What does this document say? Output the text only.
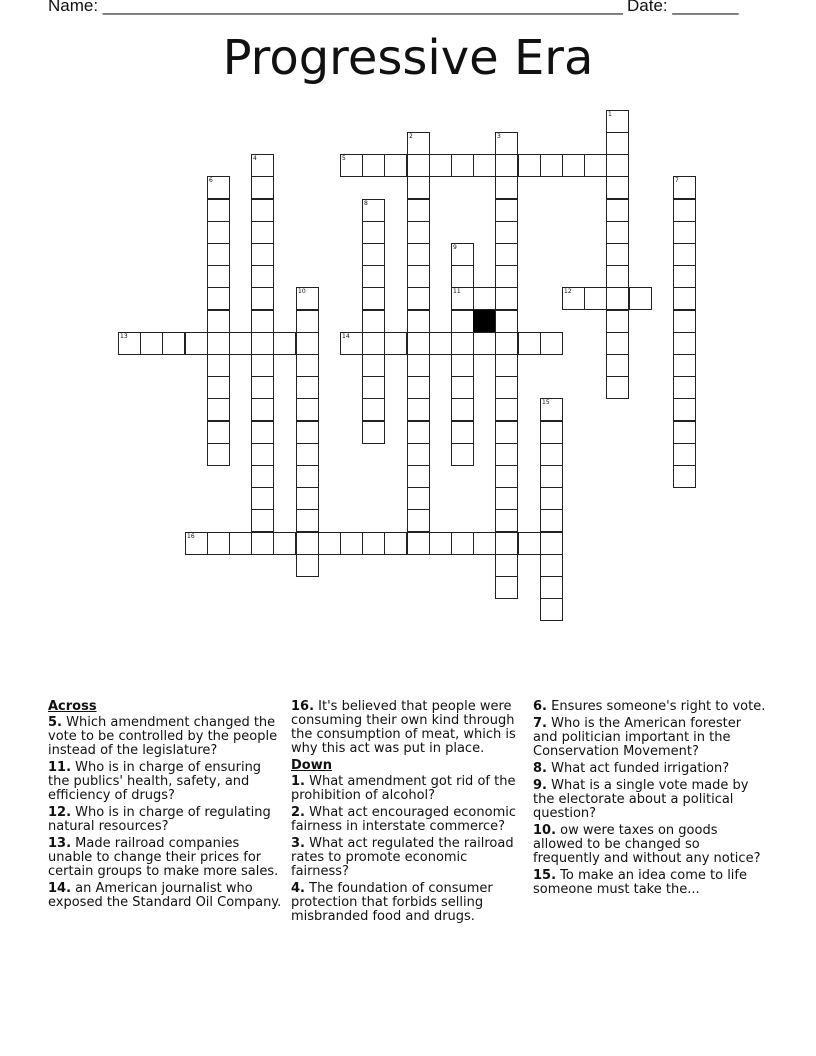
Name: _______________________________________________________ Date: _______
Progressive Era
1
2	3
4	5
6	7
8
9
11
10	12
13	14
15
16
Across

5. Which amendment changed the vote to be controlled by the people instead of the legislature?

11. Who is in charge of ensuring the publics' health, safety, and efficiency of drugs?

12. Who is in charge of regulating natural resources?

13. Made railroad companies unable to change their prices for certain groups to make more sales.

14. an American journalist who exposed the Standard Oil Company.

16. It's believed that people were consuming their own kind through the consumption of meat, which is why this act was put in place.

Down

1. What amendment got rid of the prohibition of alcohol?

2. What act encouraged economic fairness in interstate commerce?

3. What act regulated the railroad rates to promote economic fairness?

4. The foundation of consumer protection that forbids selling misbranded food and drugs.

6. Ensures someone's right to vote.

7. Who is the American forester and politician important in the Conservation Movement?

8. What act funded irrigation?

9. What is a single vote made by the electorate about a political question?

10. ow were taxes on goods allowed to be changed so frequently and without any notice?

15. To make an idea come to life someone must take the...
